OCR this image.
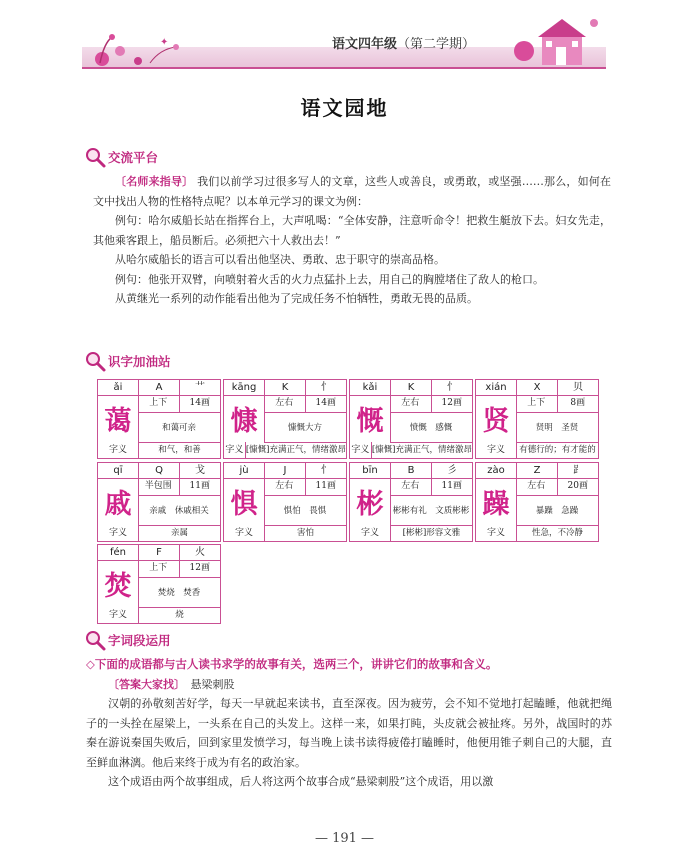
✦	语文四年级（第二学期）
语文园地
交流平台
〔名师来指导〕 我们以前学习过很多写人的文章，这些人或善良，或勇敢，或坚强……那么，如何在文中找出人物的性格特点呢？以本单元学习的课文为例：
例句：哈尔威船长站在指挥台上，大声吼喝：“全体安静，注意听命令！把救生艇放下去。妇女先走，其他乘客跟上，船员断后。必须把六十人救出去！”
从哈尔威船长的语言可以看出他坚决、勇敢、忠于职守的崇高品格。
例句：他张开双臂，向喷射着火舌的火力点猛扑上去，用自己的胸膛堵住了敌人的枪口。
从黄继光一系列的动作能看出他为了完成任务不怕牺牲，勇敢无畏的品质。
识字加油站
ǎi	A	艹
蔼
上下	14画
和蔼可亲
字义	和气，和善
kāng	K	忄
慷
左右	14画
慷慨大方
字义 [慷慨]充满正气，情绪激昂
kǎi	K	忄
慨
左右	12画
愤慨　感慨
字义 [慷慨]充满正气，情绪激昂
xián	X	贝
贤
上下	8画
贤明　圣贤
字义	有德行的；有才能的
qī	Q	戈
戚
半包围	11画
亲戚　休戚相关
字义	亲属
jù	J	忄
惧
左右	11画
惧怕　畏惧
字义	害怕
bīn	B	彡
彬
左右	11画
彬彬有礼　文质彬彬
字义	[彬彬]形容文雅
zào	Z	⻊
躁
左右	20画
暴躁　急躁
字义	性急，不冷静
fén	F	火
焚
上下	12画
焚烧　焚香
字义	烧
字词段运用
◇下面的成语都与古人读书求学的故事有关，选两三个，讲讲它们的故事和含义。
〔答案大家找〕　 悬梁刺股
汉朝的孙敬刻苦好学，每天一早就起来读书，直至深夜。因为疲劳，会不知不觉地打起瞌睡，他就把绳子的一头拴在屋梁上，一头系在自己的头发上。这样一来，如果打盹，头皮就会被扯疼。另外，战国时的苏秦在游说秦国失败后，回到家里发愤学习，每当晚上读书读得疲倦打瞌睡时，他便用锥子刺自己的大腿，直至鲜血淋漓。他后来终于成为有名的政治家。
这个成语由两个故事组成，后人将这两个故事合成“悬梁刺股”这个成语，用以激
— 191 —
